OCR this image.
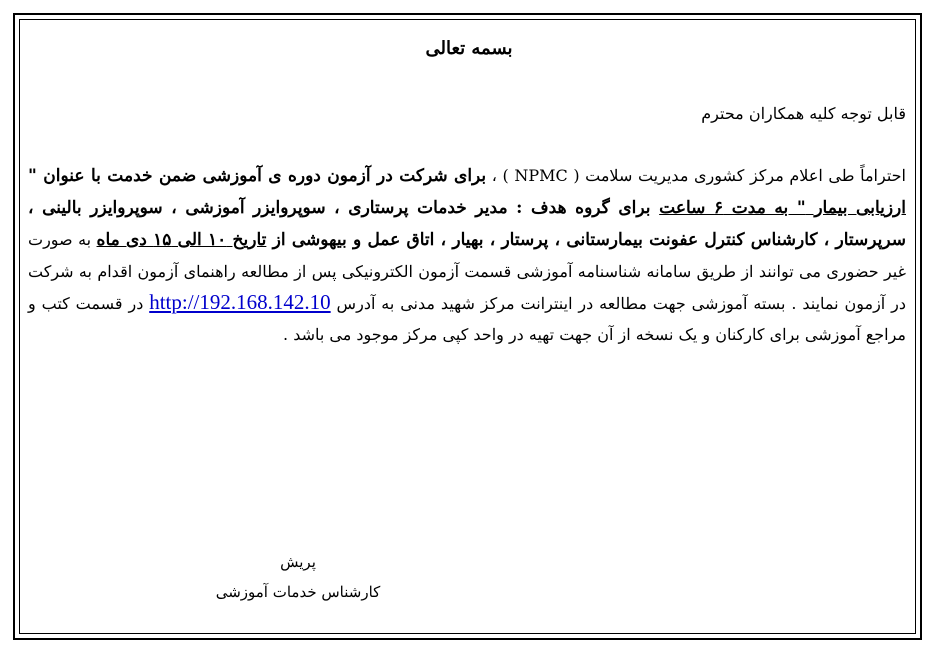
بسمه تعالی
قابل توجه کلیه همکاران محترم
احتراماً طی اعلام مرکز کشوری مدیریت سلامت ( NPMC ) ، برای شرکت در آزمون دوره ی آموزشی ضمن خدمت با عنوان " ارزیابی بیمار " به مدت ۶ ساعت برای گروه هدف : مدیر خدمات پرستاری ، سوپروایزر آموزشی ، سوپروایزر بالینی ، سرپرستار ، کارشناس کنترل عفونت بیمارستانی ، پرستار ، بهیار ، اتاق عمل و بیهوشی از تاریخ ۱۰ الی ۱۵ دی ماه به صورت غیر حضوری می توانند از طریق سامانه شناسنامه آموزشی قسمت آزمون الکترونیکی پس از مطالعه راهنمای آزمون اقدام به شرکت در آزمون نمایند . بسته آموزشی جهت مطالعه در اینترانت مرکز شهید مدنی به آدرس http://192.168.142.10 در قسمت کتب و مراجع آموزشی برای کارکنان و یک نسخه از آن جهت تهیه در واحد کپی مرکز موجود می باشد .
پریش
کارشناس خدمات آموزشی
